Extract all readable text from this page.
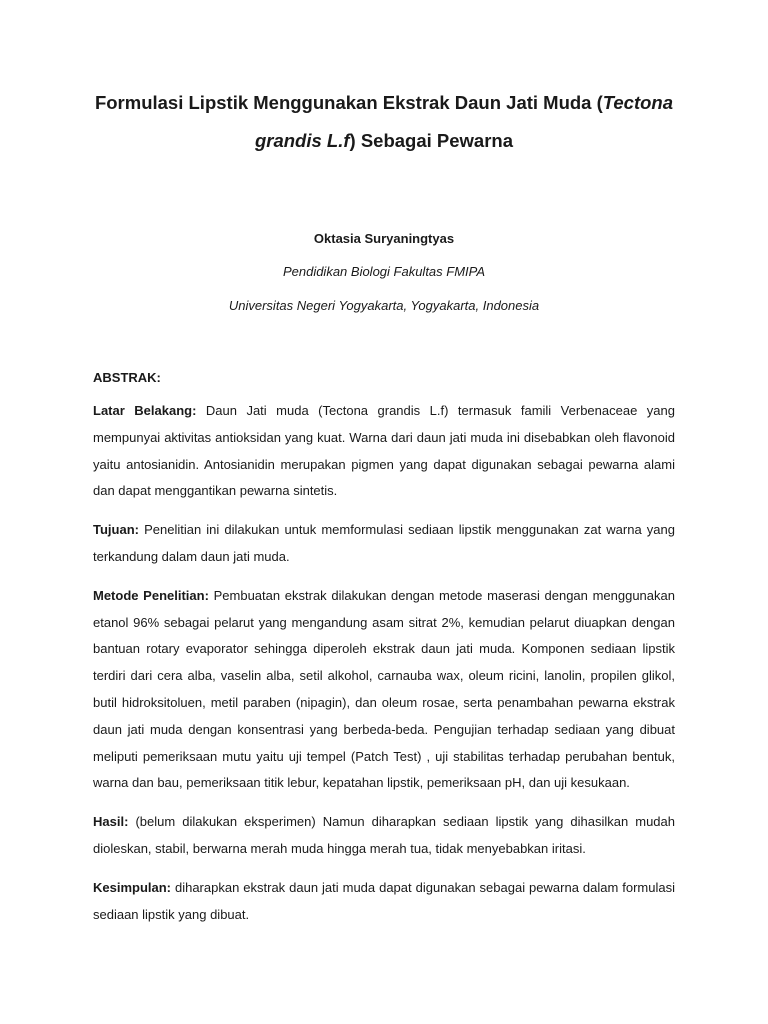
Formulasi Lipstik Menggunakan Ekstrak Daun Jati Muda (Tectona
grandis L.f) Sebagai Pewarna

Oktasia Suryaningtyas

Pendidikan Biologi Fakultas FMIPA

Universitas Negeri Yogyakarta, Yogyakarta, Indonesia

ABSTRAK:

Latar Belakang: Daun Jati muda (Tectona grandis L.f) termasuk famili Verbenaceae yang mempunyai aktivitas antioksidan yang kuat. Warna dari daun jati muda ini disebabkan oleh flavonoid yaitu antosianidin. Antosianidin merupakan pigmen yang dapat digunakan sebagai pewarna alami dan dapat menggantikan pewarna sintetis.

Tujuan: Penelitian ini dilakukan untuk memformulasi sediaan lipstik menggunakan zat warna yang terkandung dalam daun jati muda.

Metode Penelitian: Pembuatan ekstrak dilakukan dengan metode maserasi dengan menggunakan etanol 96% sebagai pelarut yang mengandung asam sitrat 2%, kemudian pelarut diuapkan dengan bantuan rotary evaporator sehingga diperoleh ekstrak daun jati muda. Komponen sediaan lipstik terdiri dari cera alba, vaselin alba, setil alkohol, carnauba wax, oleum ricini, lanolin, propilen glikol, butil hidroksitoluen, metil paraben (nipagin), dan oleum rosae, serta penambahan pewarna ekstrak daun jati muda dengan konsentrasi yang berbeda-beda. Pengujian terhadap sediaan yang dibuat meliputi pemeriksaan mutu yaitu uji tempel (Patch Test) , uji stabilitas terhadap perubahan bentuk, warna dan bau, pemeriksaan titik lebur, kepatahan lipstik, pemeriksaan pH, dan uji kesukaan.

Hasil: (belum dilakukan eksperimen) Namun diharapkan sediaan lipstik yang dihasilkan mudah dioleskan, stabil, berwarna merah muda hingga merah tua, tidak menyebabkan iritasi.

Kesimpulan: diharapkan ekstrak daun jati muda dapat digunakan sebagai pewarna dalam formulasi sediaan lipstik yang dibuat.
